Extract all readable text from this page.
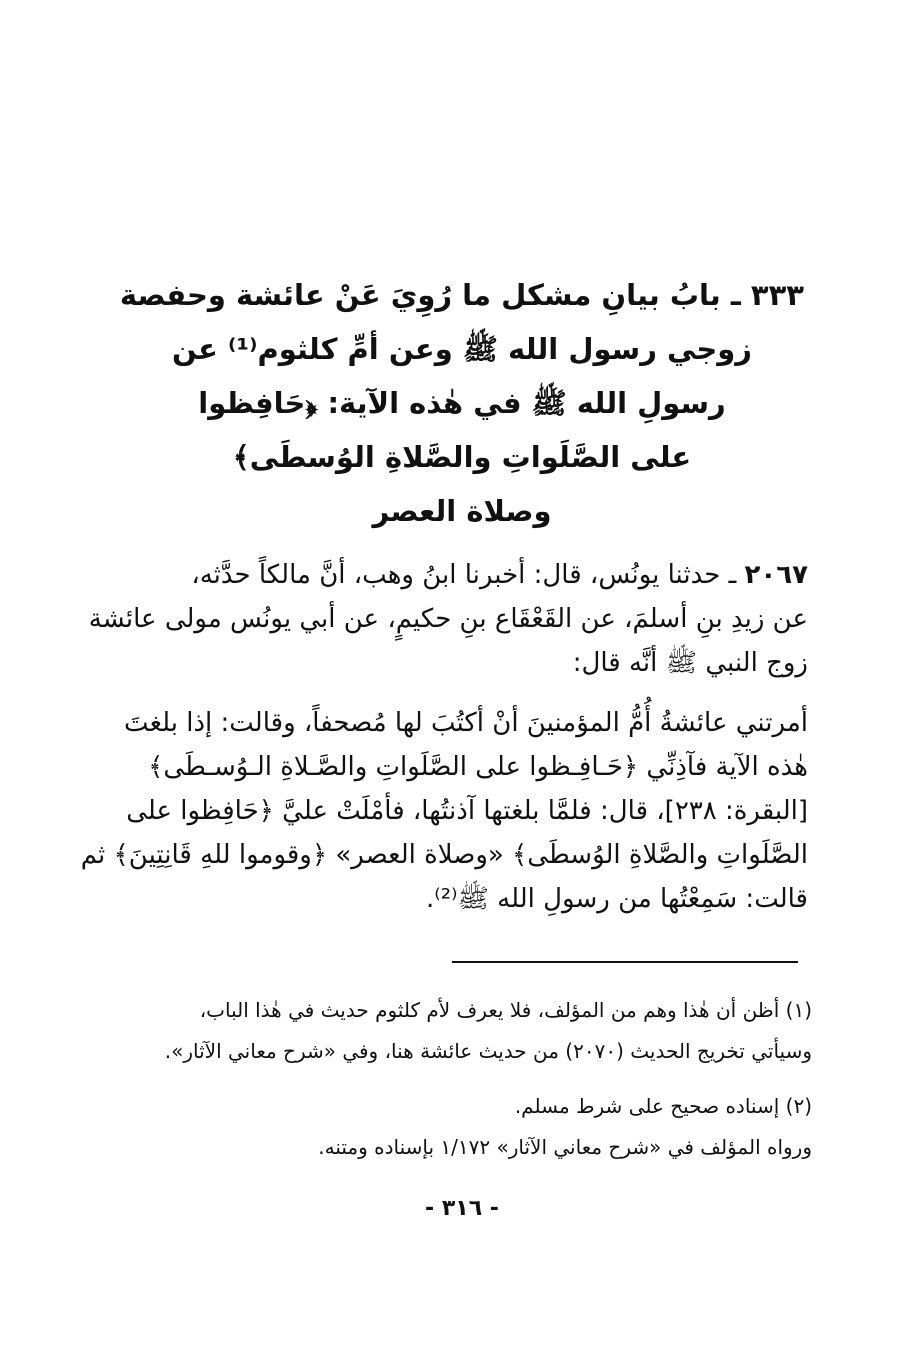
٣٣٣ ـ بابُ بيانِ مشكل ما رُوِيَ عَنْ عائشة وحفصة
زوجي رسول الله ﷺ وعن أمِّ كلثوم⁽¹⁾ عن
رسولِ الله ﷺ في هٰذه الآية: ﴿حَافِظوا
على الصَّلَواتِ والصَّلاةِ الوُسطَى﴾
وصلاة العصر

٢٠٦٧ ـ حدثنا يونُس، قال: أخبرنا ابنُ وهب، أنَّ مالكاً حدَّثه،
عن زيدِ بنِ أسلمَ، عن القَعْقَاع بنِ حكيمٍ، عن أبي يونُس مولى عائشة
زوج النبي ﷺ أنَّه قال:

أمرتني عائشةُ أُمُّ المؤمنينَ أنْ أكتُبَ لها مُصحفاً، وقالت: إذا بلغتَ
هٰذه الآية فآذِنِّي ﴿حَـافِـظوا على الصَّلَواتِ والصَّـلاةِ الـوُسـطَى﴾
[البقرة: ٢٣٨]، قال: فلمَّا بلغتها آذنتُها، فأمْلَتْ عليَّ ﴿حَافِظوا على
الصَّلَواتِ والصَّلاةِ الوُسطَى﴾ «وصلاة العصر» ﴿وقوموا للهِ قَانِتِينَ﴾ ثم
قالت: سَمِعْتُها من رسولِ الله ﷺ⁽²⁾.

(١) أظن أن هٰذا وهم من المؤلف، فلا يعرف لأم كلثوم حديث في هٰذا الباب،
وسيأتي تخريج الحديث (٢٠٧٠) من حديث عائشة هنا، وفي «شرح معاني الآثار».

(٢) إسناده صحيح على شرط مسلم.
ورواه المؤلف في «شرح معاني الآثار» ١/١٧٢ بإسناده ومتنه.

- ٣١٦ -
